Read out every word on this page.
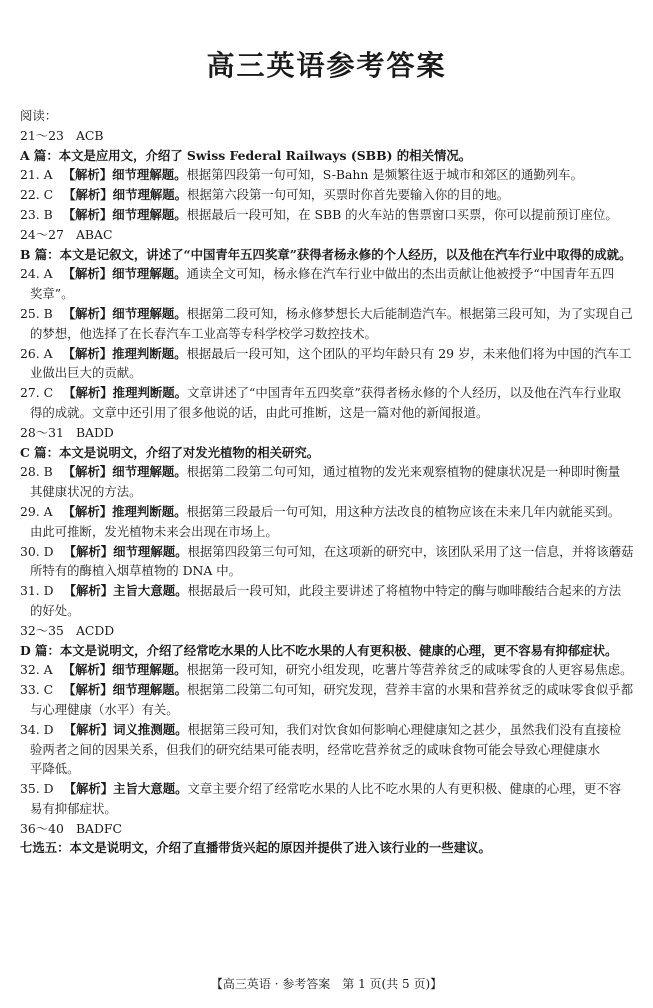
高三英语参考答案
阅读：
21～23 ACB
A 篇：本文是应用文，介绍了 Swiss Federal Railways (SBB) 的相关情况。
21. A 【解析】细节理解题。根据第四段第一句可知，S-Bahn 是频繁往返于城市和郊区的通勤列车。
22. C 【解析】细节理解题。根据第六段第一句可知，买票时你首先要输入你的目的地。
23. B 【解析】细节理解题。根据最后一段可知，在 SBB 的火车站的售票窗口买票，你可以提前预订座位。
24～27 ABAC
B 篇：本文是记叙文，讲述了“中国青年五四奖章”获得者杨永修的个人经历，以及他在汽车行业中取得的成就。
24. A 【解析】细节理解题。通读全文可知，杨永修在汽车行业中做出的杰出贡献让他被授予“中国青年五四
奖章”。
25. B 【解析】细节理解题。根据第二段可知，杨永修梦想长大后能制造汽车。根据第三段可知，为了实现自己
的梦想，他选择了在长春汽车工业高等专科学校学习数控技术。
26. A 【解析】推理判断题。根据最后一段可知，这个团队的平均年龄只有 29 岁，未来他们将为中国的汽车工
业做出巨大的贡献。
27. C 【解析】推理判断题。文章讲述了“中国青年五四奖章”获得者杨永修的个人经历，以及他在汽车行业取
得的成就。文章中还引用了很多他说的话，由此可推断，这是一篇对他的新闻报道。
28～31 BADD
C 篇：本文是说明文，介绍了对发光植物的相关研究。
28. B 【解析】细节理解题。根据第二段第二句可知，通过植物的发光来观察植物的健康状况是一种即时衡量
其健康状况的方法。
29. A 【解析】推理判断题。根据第三段最后一句可知，用这种方法改良的植物应该在未来几年内就能买到。
由此可推断，发光植物未来会出现在市场上。
30. D 【解析】细节理解题。根据第四段第三句可知，在这项新的研究中，该团队采用了这一信息，并将该蘑菇
所特有的酶植入烟草植物的 DNA 中。
31. D 【解析】主旨大意题。根据最后一段可知，此段主要讲述了将植物中特定的酶与咖啡酸结合起来的方法
的好处。
32～35 ACDD
D 篇：本文是说明文，介绍了经常吃水果的人比不吃水果的人有更积极、健康的心理，更不容易有抑郁症状。
32. A 【解析】细节理解题。根据第一段可知，研究小组发现，吃薯片等营养贫乏的咸味零食的人更容易焦虑。
33. C 【解析】细节理解题。根据第二段第二句可知，研究发现，营养丰富的水果和营养贫乏的咸味零食似乎都
与心理健康（水平）有关。
34. D 【解析】词义推测题。根据第三段可知，我们对饮食如何影响心理健康知之甚少，虽然我们没有直接检
验两者之间的因果关系，但我们的研究结果可能表明，经常吃营养贫乏的咸味食物可能会导致心理健康水
平降低。
35. D 【解析】主旨大意题。文章主要介绍了经常吃水果的人比不吃水果的人有更积极、健康的心理，更不容
易有抑郁症状。
36～40 BADFC
七选五：本文是说明文，介绍了直播带货兴起的原因并提供了进入该行业的一些建议。
【高三英语 · 参考答案　第 1 页(共 5 页)】
